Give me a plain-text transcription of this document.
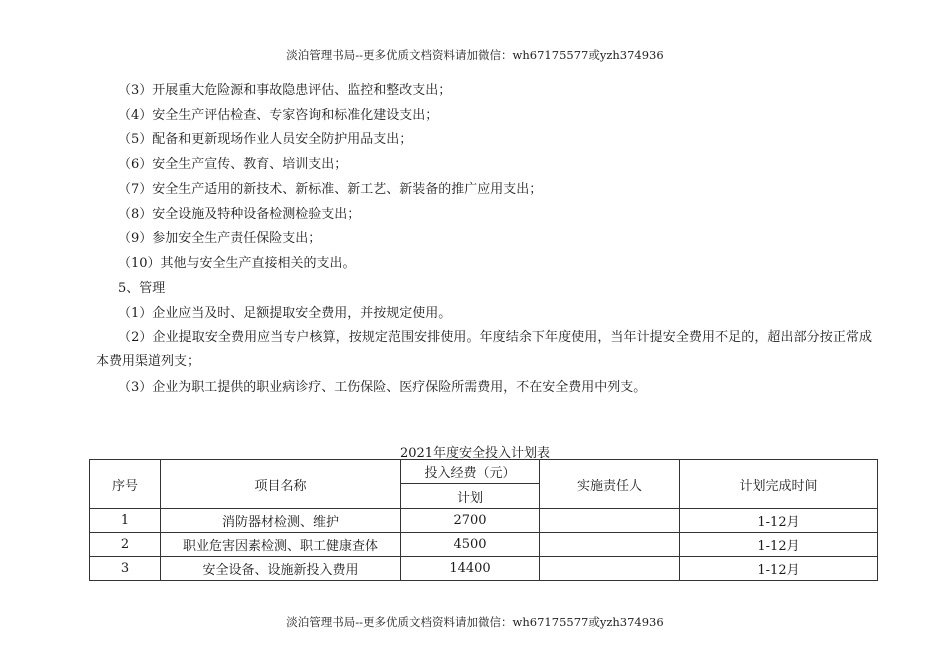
淡泊管理书局--更多优质文档资料请加微信：wh67175577或yzh374936
（3）开展重大危险源和事故隐患评估、监控和整改支出；
（4）安全生产评估检查、专家咨询和标准化建设支出；
（5）配备和更新现场作业人员安全防护用品支出；
（6）安全生产宣传、教育、培训支出；
（7）安全生产适用的新技术、新标准、新工艺、新装备的推广应用支出；
（8）安全设施及特种设备检测检验支出；
（9）参加安全生产责任保险支出；
（10）其他与安全生产直接相关的支出。
5、管理
（1）企业应当及时、足额提取安全费用，并按规定使用。
（2）企业提取安全费用应当专户核算，按规定范围安排使用。年度结余下年度使用，当年计提安全费用不足的，超出部分按正常成本费用渠道列支；
（3）企业为职工提供的职业病诊疗、工伤保险、医疗保险所需费用，不在安全费用中列支。
2021年度安全投入计划表
序号	项目名称	投入经费（元）	实施责任人	计划完成时间
		计划		
1	消防器材检测、维护	2700		1-12月
2	职业危害因素检测、职工健康查体	4500		1-12月
3	安全设备、设施新投入费用	14400		1-12月
淡泊管理书局--更多优质文档资料请加微信：wh67175577或yzh374936
